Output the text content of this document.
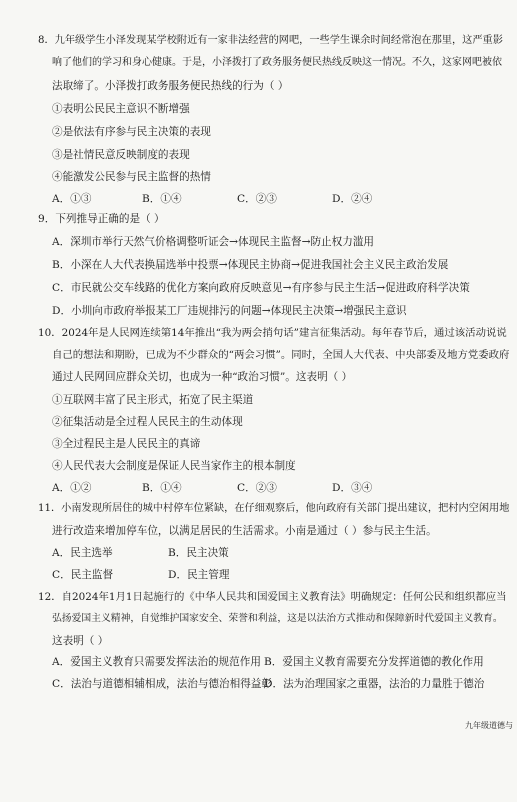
8．九年级学生小泽发现某学校附近有一家非法经营的网吧，一些学生课余时间经常泡在那里，这严重影
响了他们的学习和身心健康。于是，小泽拨打了政务服务便民热线反映这一情况。不久，这家网吧被依
法取缔了。小泽拨打政务服务便民热线的行为（ ）
①表明公民民主意识不断增强
②是依法有序参与民主决策的表现
③是社情民意反映制度的表现
④能激发公民参与民主监督的热情
A．①③	B．①④	C．②③	D．②④
9．下列推导正确的是（ ）
A．深圳市举行天然气价格调整听证会→体现民主监督→防止权力滥用
B．小深在人大代表换届选举中投票→体现民主协商→促进我国社会主义民主政治发展
C．市民就公交车线路的优化方案向政府反映意见→有序参与民主生活→促进政府科学决策
D．小圳向市政府举报某工厂违规排污的问题→体现民主决策→增强民主意识
10．2024年是人民网连续第14年推出“我为两会捎句话”建言征集活动。每年春节后，通过该活动说说
自己的想法和期盼，已成为不少群众的“两会习惯”。同时，全国人大代表、中央部委及地方党委政府
通过人民网回应群众关切，也成为一种“政治习惯”。这表明（ ）
①互联网丰富了民主形式，拓宽了民主渠道
②征集活动是全过程人民民主的生动体现
③全过程民主是人民民主的真谛
④人民代表大会制度是保证人民当家作主的根本制度
A．①②	B．①④	C．②③	D．③④
11．小南发现所居住的城中村停车位紧缺，在仔细观察后，他向政府有关部门提出建议，把村内空闲用地
进行改造来增加停车位，以满足居民的生活需求。小南是通过（ ）参与民主生活。
A．民主选举	B．民主决策
C．民主监督	D．民主管理
12．自2024年1月1日起施行的《中华人民共和国爱国主义教育法》明确规定：任何公民和组织都应当
弘扬爱国主义精神，自觉维护国家安全、荣誉和利益，这是以法治方式推动和保障新时代爱国主义教育。
这表明（ ）
A．爱国主义教育只需要发挥法治的规范作用 B．爱国主义教育需要充分发挥道德的教化作用
C．法治与道德相辅相成，法治与德治相得益彰
D．法为治理国家之重器，法治的力量胜于德治
九年级道德与
